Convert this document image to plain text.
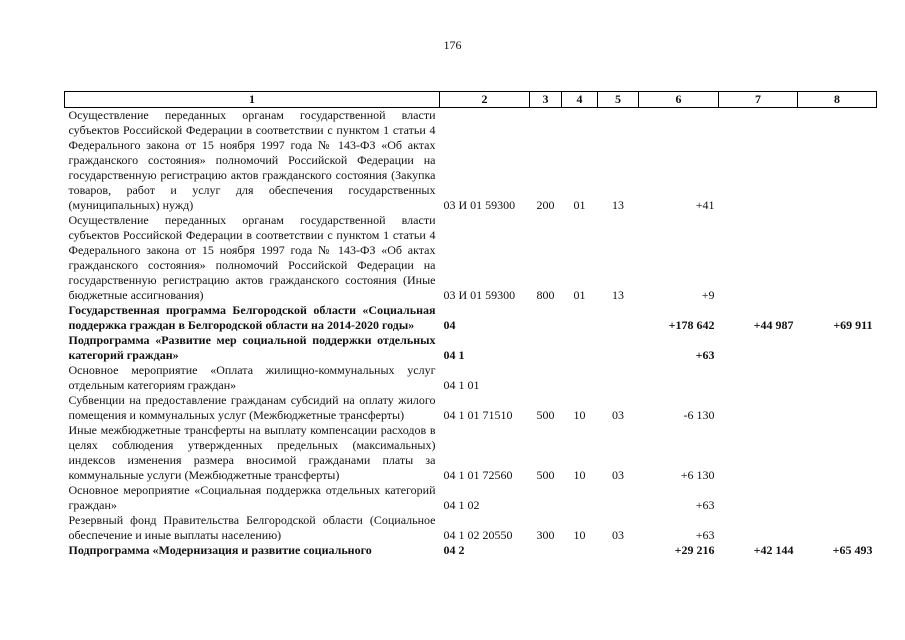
176
1	2	3	4	5	6	7	8
Осуществление переданных органам государственной власти субъектов Российской Федерации в соответствии с пунктом 1 статьи 4 Федерального закона от 15 ноября 1997 года № 143-ФЗ «Об актах гражданского состояния» полномочий Российской Федерации на государственную регистрацию актов гражданского состояния (Закупка товаров, работ и услуг для обеспечения государственных (муниципальных) нужд)	03 И 01 59300	200	01	13	+41		
Осуществление переданных органам государственной власти субъектов Российской Федерации в соответствии с пунктом 1 статьи 4 Федерального закона от 15 ноября 1997 года № 143-ФЗ «Об актах гражданского состояния» полномочий Российской Федерации на государственную регистрацию актов гражданского состояния (Иные бюджетные ассигнования)	03 И 01 59300	800	01	13	+9		
Государственная программа Белгородской области «Социальная поддержка граждан в Белгородской области на 2014-2020 годы»	04				+178 642	+44 987	+69 911
Подпрограмма «Развитие мер социальной поддержки отдельных категорий граждан»	04 1				+63		
Основное мероприятие «Оплата жилищно-коммунальных услуг отдельным категориям граждан»	04 1 01						
Субвенции на предоставление гражданам субсидий на оплату жилого помещения и коммунальных услуг (Межбюджетные трансферты)	04 1 01 71510	500	10	03	-6 130		
Иные межбюджетные трансферты на выплату компенсации расходов в целях соблюдения утвержденных предельных (максимальных) индексов изменения размера вносимой гражданами платы за коммунальные услуги (Межбюджетные трансферты)	04 1 01 72560	500	10	03	+6 130		
Основное мероприятие «Социальная поддержка отдельных категорий граждан»	04 1 02				+63		
Резервный фонд Правительства Белгородской области (Социальное обеспечение и иные выплаты населению)	04 1 02 20550	300	10	03	+63		
Подпрограмма «Модернизация и развитие социального	04 2				+29 216	+42 144	+65 493
